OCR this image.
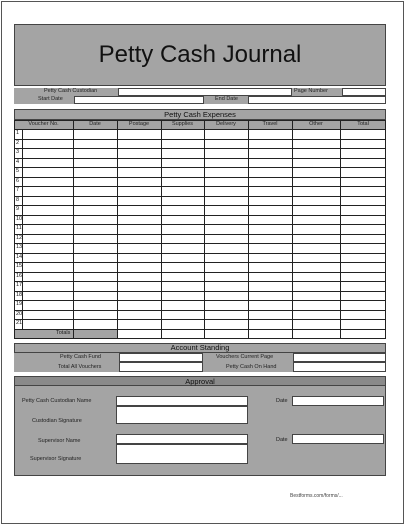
Petty Cash Journal
Petty Cash Custodian	Page Number
Start Date	End Date
Petty Cash Expenses
Voucher No.	Date	Postage	Supplies	Delivery	Travel	Other	Total
1
2
3
4
5
6
7
8
9
10
11
12
13
14
15
16
17
18
19
20
21
Totals
Account Standing
Petty Cash Fund	Vouchers Current Page
Total All Vouchers	Petty Cash On Hand
Approval
Petty Cash Custodian Name	Date
Custodian Signature
Supervisor Name	Date
Supervisor Signature
Bestforms.com/forms/...
